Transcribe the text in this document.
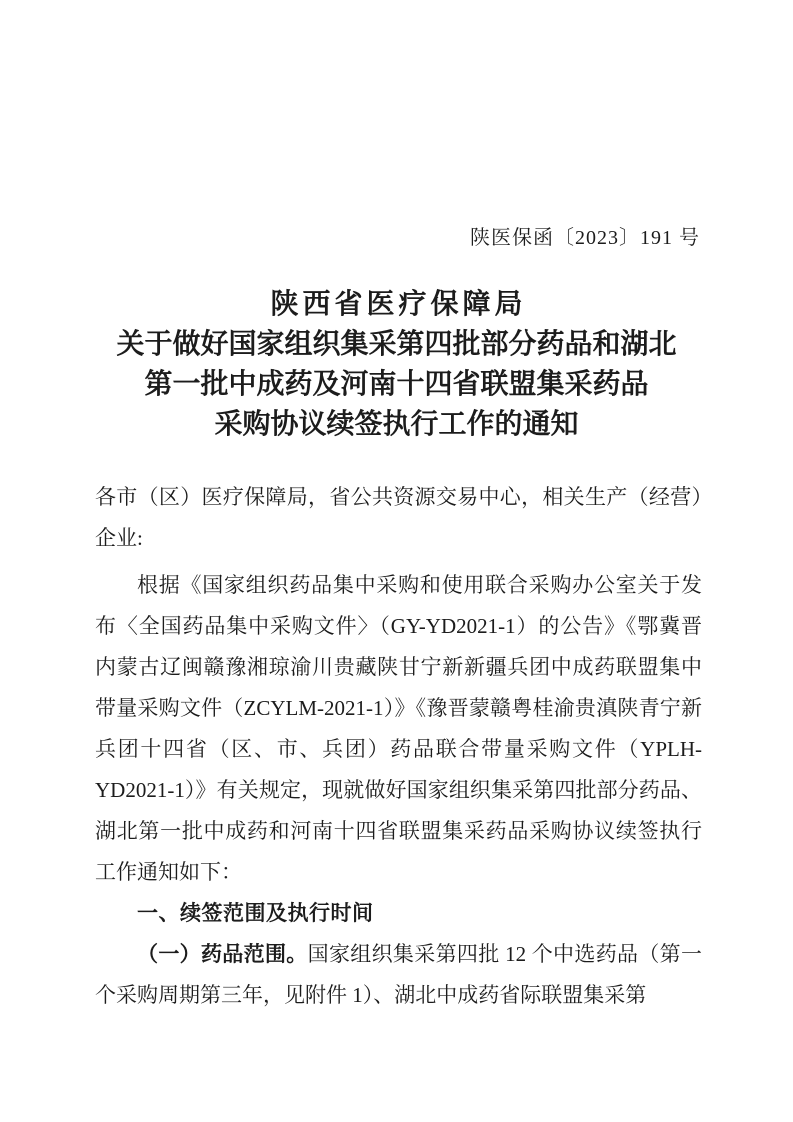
陕医保函〔2023〕191 号
陕西省医疗保障局
关于做好国家组织集采第四批部分药品和湖北
第一批中成药及河南十四省联盟集采药品
采购协议续签执行工作的通知

各市（区）医疗保障局，省公共资源交易中心，相关生产（经营）企业:

根据《国家组织药品集中采购和使用联合采购办公室关于发布〈全国药品集中采购文件〉（GY-YD2021-1）的公告》《鄂冀晋内蒙古辽闽赣豫湘琼渝川贵藏陕甘宁新新疆兵团中成药联盟集中带量采购文件（ZCYLM-2021-1）》《豫晋蒙赣粤桂渝贵滇陕青宁新兵团十四省（区、市、兵团）药品联合带量采购文件（YPLH-YD2021-1）》有关规定，现就做好国家组织集采第四批部分药品、湖北第一批中成药和河南十四省联盟集采药品采购协议续签执行工作通知如下：

一、续签范围及执行时间

（一）药品范围。国家组织集采第四批 12 个中选药品（第一个采购周期第三年，见附件 1）、湖北中成药省际联盟集采第
